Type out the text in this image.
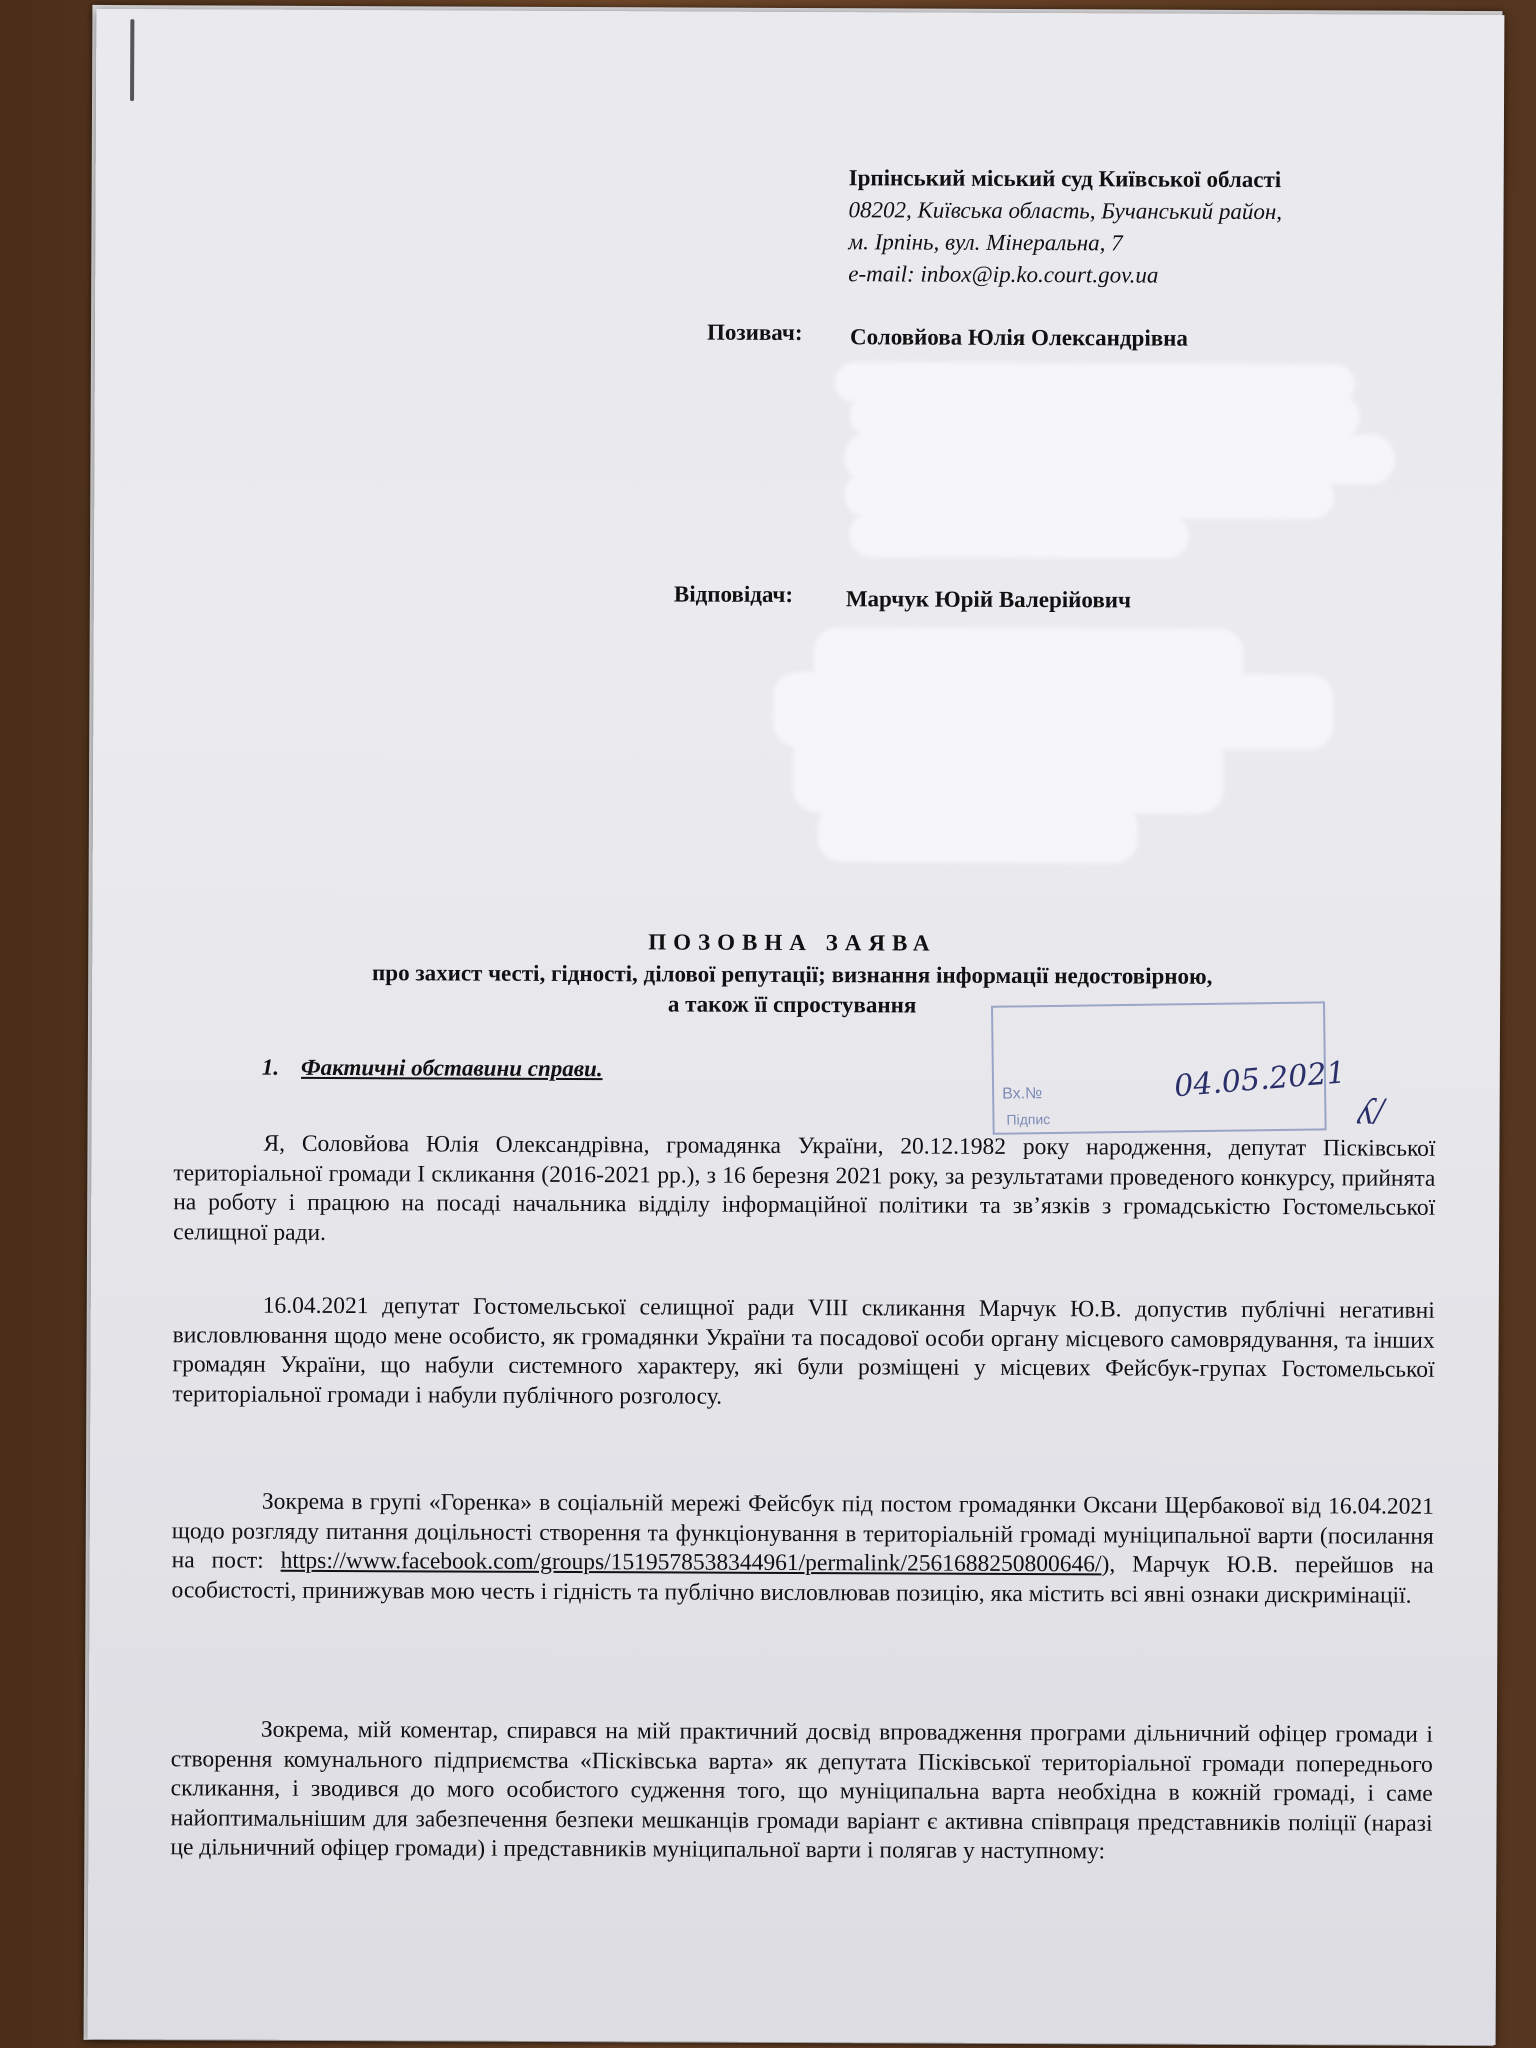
Ірпінський міський суд Київської області
08202, Київська область, Бучанський район,
м. Ірпінь, вул. Мінеральна, 7
e-mail: inbox@ip.ko.court.gov.ua
Позивач: Соловйова Юлія Олександрівна
Відповідач: Марчук Юрій Валерійович
ПОЗОВНА ЗАЯВА
про захист честі, гідності, ділової репутації; визнання інформації недостовірною,
а також її спростування
Вх.№
Підпис
04.05.2021
ʎ/
1. Фактичні обставини справи.
Я, Соловйова Юлія Олександрівна, громадянка України, 20.12.1982 року народження, депутат Пісківської територіальної громади І скликання (2016-2021 рр.), з 16 березня 2021 року, за результатами проведеного конкурсу, прийнята на роботу і працюю на посаді начальника відділу інформаційної політики та зв’язків з громадськістю Гостомельської селищної ради.
16.04.2021 депутат Гостомельської селищної ради VIII скликання Марчук Ю.В. допустив публічні негативні висловлювання щодо мене особисто, як громадянки України та посадової особи органу місцевого самоврядування, та інших громадян України, що набули системного характеру, які були розміщені у місцевих Фейсбук-групах Гостомельської територіальної громади і набули публічного розголосу.
Зокрема в групі «Горенка» в соціальній мережі Фейсбук під постом громадянки Оксани Щербакової від 16.04.2021 щодо розгляду питання доцільності створення та функціонування в територіальній громаді муніципальної варти (посилання на пост: https://www.facebook.com/groups/1519578538344961/permalink/2561688250800646/), Марчук Ю.В. перейшов на особистості, принижував мою честь і гідність та публічно висловлював позицію, яка містить всі явні ознаки дискримінації.
Зокрема, мій коментар, спирався на мій практичний досвід впровадження програми дільничний офіцер громади і створення комунального підприємства «Пісківська варта» як депутата Пісківської територіальної громади попереднього скликання, і зводився до мого особистого судження того, що муніципальна варта необхідна в кожній громаді, і саме найоптимальнішим для забезпечення безпеки мешканців громади варіант є активна співпраця представників поліції (наразі це дільничний офіцер громади) і представників муніципальної варти і полягав у наступному:
